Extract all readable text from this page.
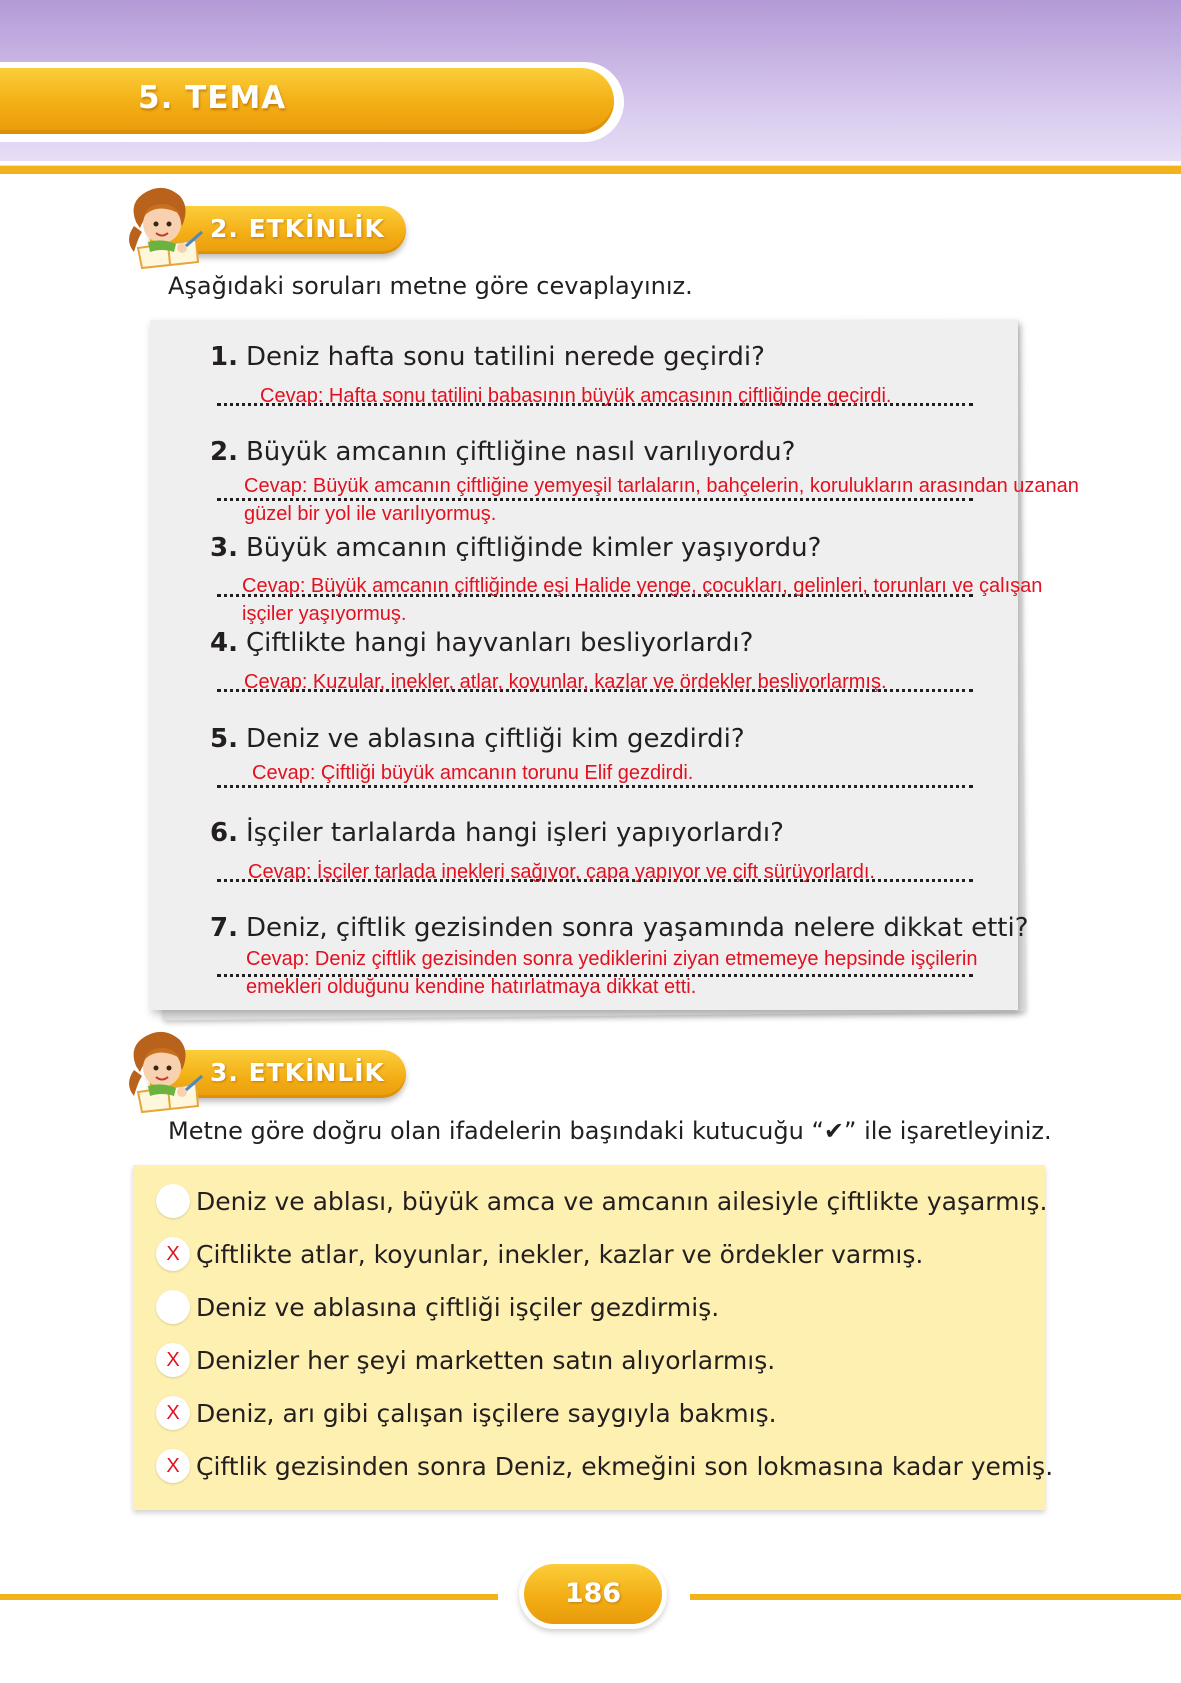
5. TEMA
2. ETKİNLİK
Aşağıdaki soruları metne göre cevaplayınız.
1. Deniz hafta sonu tatilini nerede geçirdi?
Cevap: Hafta sonu tatilini babasının büyük amcasının çiftliğinde geçirdi.
2. Büyük amcanın çiftliğine nasıl varılıyordu?
Cevap: Büyük amcanın çiftliğine yemyeşil tarlaların, bahçelerin, korulukların arasından uzanan
güzel bir yol ile varılıyormuş.
3. Büyük amcanın çiftliğinde kimler yaşıyordu?
Cevap: Büyük amcanın çiftliğinde eşi Halide yenge, çocukları, gelinleri, torunları ve çalışan
işçiler yaşıyormuş.
4. Çiftlikte hangi hayvanları besliyorlardı?
Cevap: Kuzular, inekler, atlar, koyunlar, kazlar ve ördekler besliyorlarmış.
5. Deniz ve ablasına çiftliği kim gezdirdi?
Cevap: Çiftliği büyük amcanın torunu Elif gezdirdi.
6. İşçiler tarlalarda hangi işleri yapıyorlardı?
Cevap: İşçiler tarlada inekleri sağıyor, çapa yapıyor ve çift sürüyorlardı.
7. Deniz, çiftlik gezisinden sonra yaşamında nelere dikkat etti?
Cevap: Deniz çiftlik gezisinden sonra yediklerini ziyan etmemeye hepsinde işçilerin
emekleri olduğunu kendine hatırlatmaya dikkat etti.
3. ETKİNLİK
Metne göre doğru olan ifadelerin başındaki kutucuğu “✔” ile işaretleyiniz.
Deniz ve ablası, büyük amca ve amcanın ailesiyle çiftlikte yaşarmış.
X Çiftlikte atlar, koyunlar, inekler, kazlar ve ördekler varmış.
Deniz ve ablasına çiftliği işçiler gezdirmiş.
X Denizler her şeyi marketten satın alıyorlarmış.
X Deniz, arı gibi çalışan işçilere saygıyla bakmış.
X Çiftlik gezisinden sonra Deniz, ekmeğini son lokmasına kadar yemiş.
186
